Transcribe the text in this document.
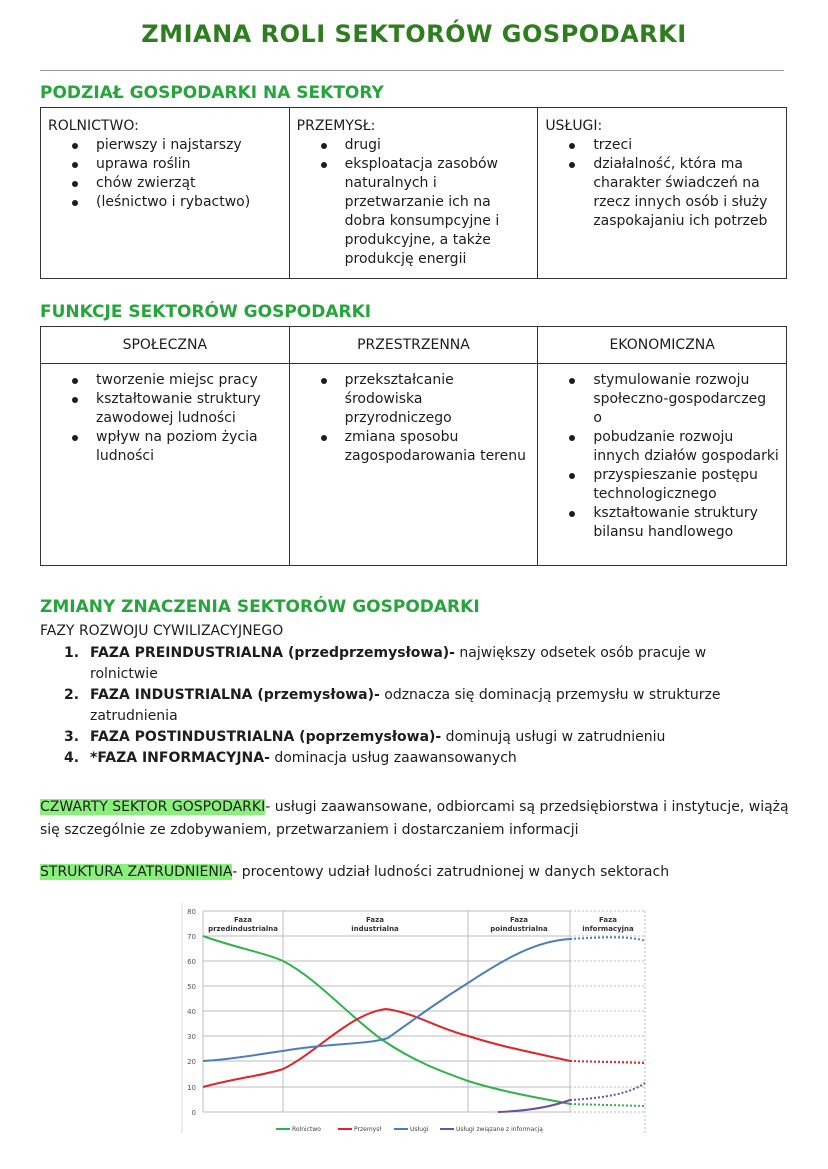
ZMIANA ROLI SEKTORÓW GOSPODARKI
PODZIAŁ GOSPODARKI NA SEKTORY
ROLNICTWO:
pierwszy i najstarszy
uprawa roślin
chów zwierząt
(leśnictwo i rybactwo)

PRZEMYSŁ:
drugi
eksploatacja zasobów naturalnych i przetwarzanie ich na dobra konsumpcyjne i produkcyjne, a także produkcję energii

USŁUGI:
trzeci
działalność, która ma charakter świadczeń na rzecz innych osób i służy zaspokajaniu ich potrzeb
FUNKCJE SEKTORÓW GOSPODARKI
SPOŁECZNA	PRZESTRZENNA	EKONOMICZNA

tworzenie miejsc pracy
kształtowanie struktury zawodowej ludności
wpływ na poziom życia ludności

przekształcanie środowiska przyrodniczego
zmiana sposobu zagospodarowania terenu

stymulowanie rozwoju społeczno-gospodarczeg o
pobudzanie rozwoju innych działów gospodarki
przyspieszanie postępu technologicznego
kształtowanie struktury bilansu handlowego
ZMIANY ZNACZENIA SEKTORÓW GOSPODARKI
FAZY ROZWOJU CYWILIZACYJNEGO
1. FAZA PREINDUSTRIALNA (przedprzemysłowa)- największy odsetek osób pracuje w rolnictwie
2. FAZA INDUSTRIALNA (przemysłowa)- odznacza się dominacją przemysłu w strukturze zatrudnienia
3. FAZA POSTINDUSTRIALNA (poprzemysłowa)- dominują usługi w zatrudnieniu
4. *FAZA INFORMACYJNA- dominacja usług zaawansowanych
CZWARTY SEKTOR GOSPODARKI- usługi zaawansowane, odbiorcami są przedsiębiorstwa i instytucje, wiążą się szczególnie ze zdobywaniem, przetwarzaniem i dostarczaniem informacji
STRUKTURA ZATRUDNIENIA- procentowy udział ludności zatrudnionej w danych sektorach
80
70
60
50
40
30
20
10
0
Faza
przedindustrialna
Faza
industrialna
Faza
poindustrialna
Faza
informacyjna
Rolnictwo	Przemysł	Usługi	Usługi związane z informacją
